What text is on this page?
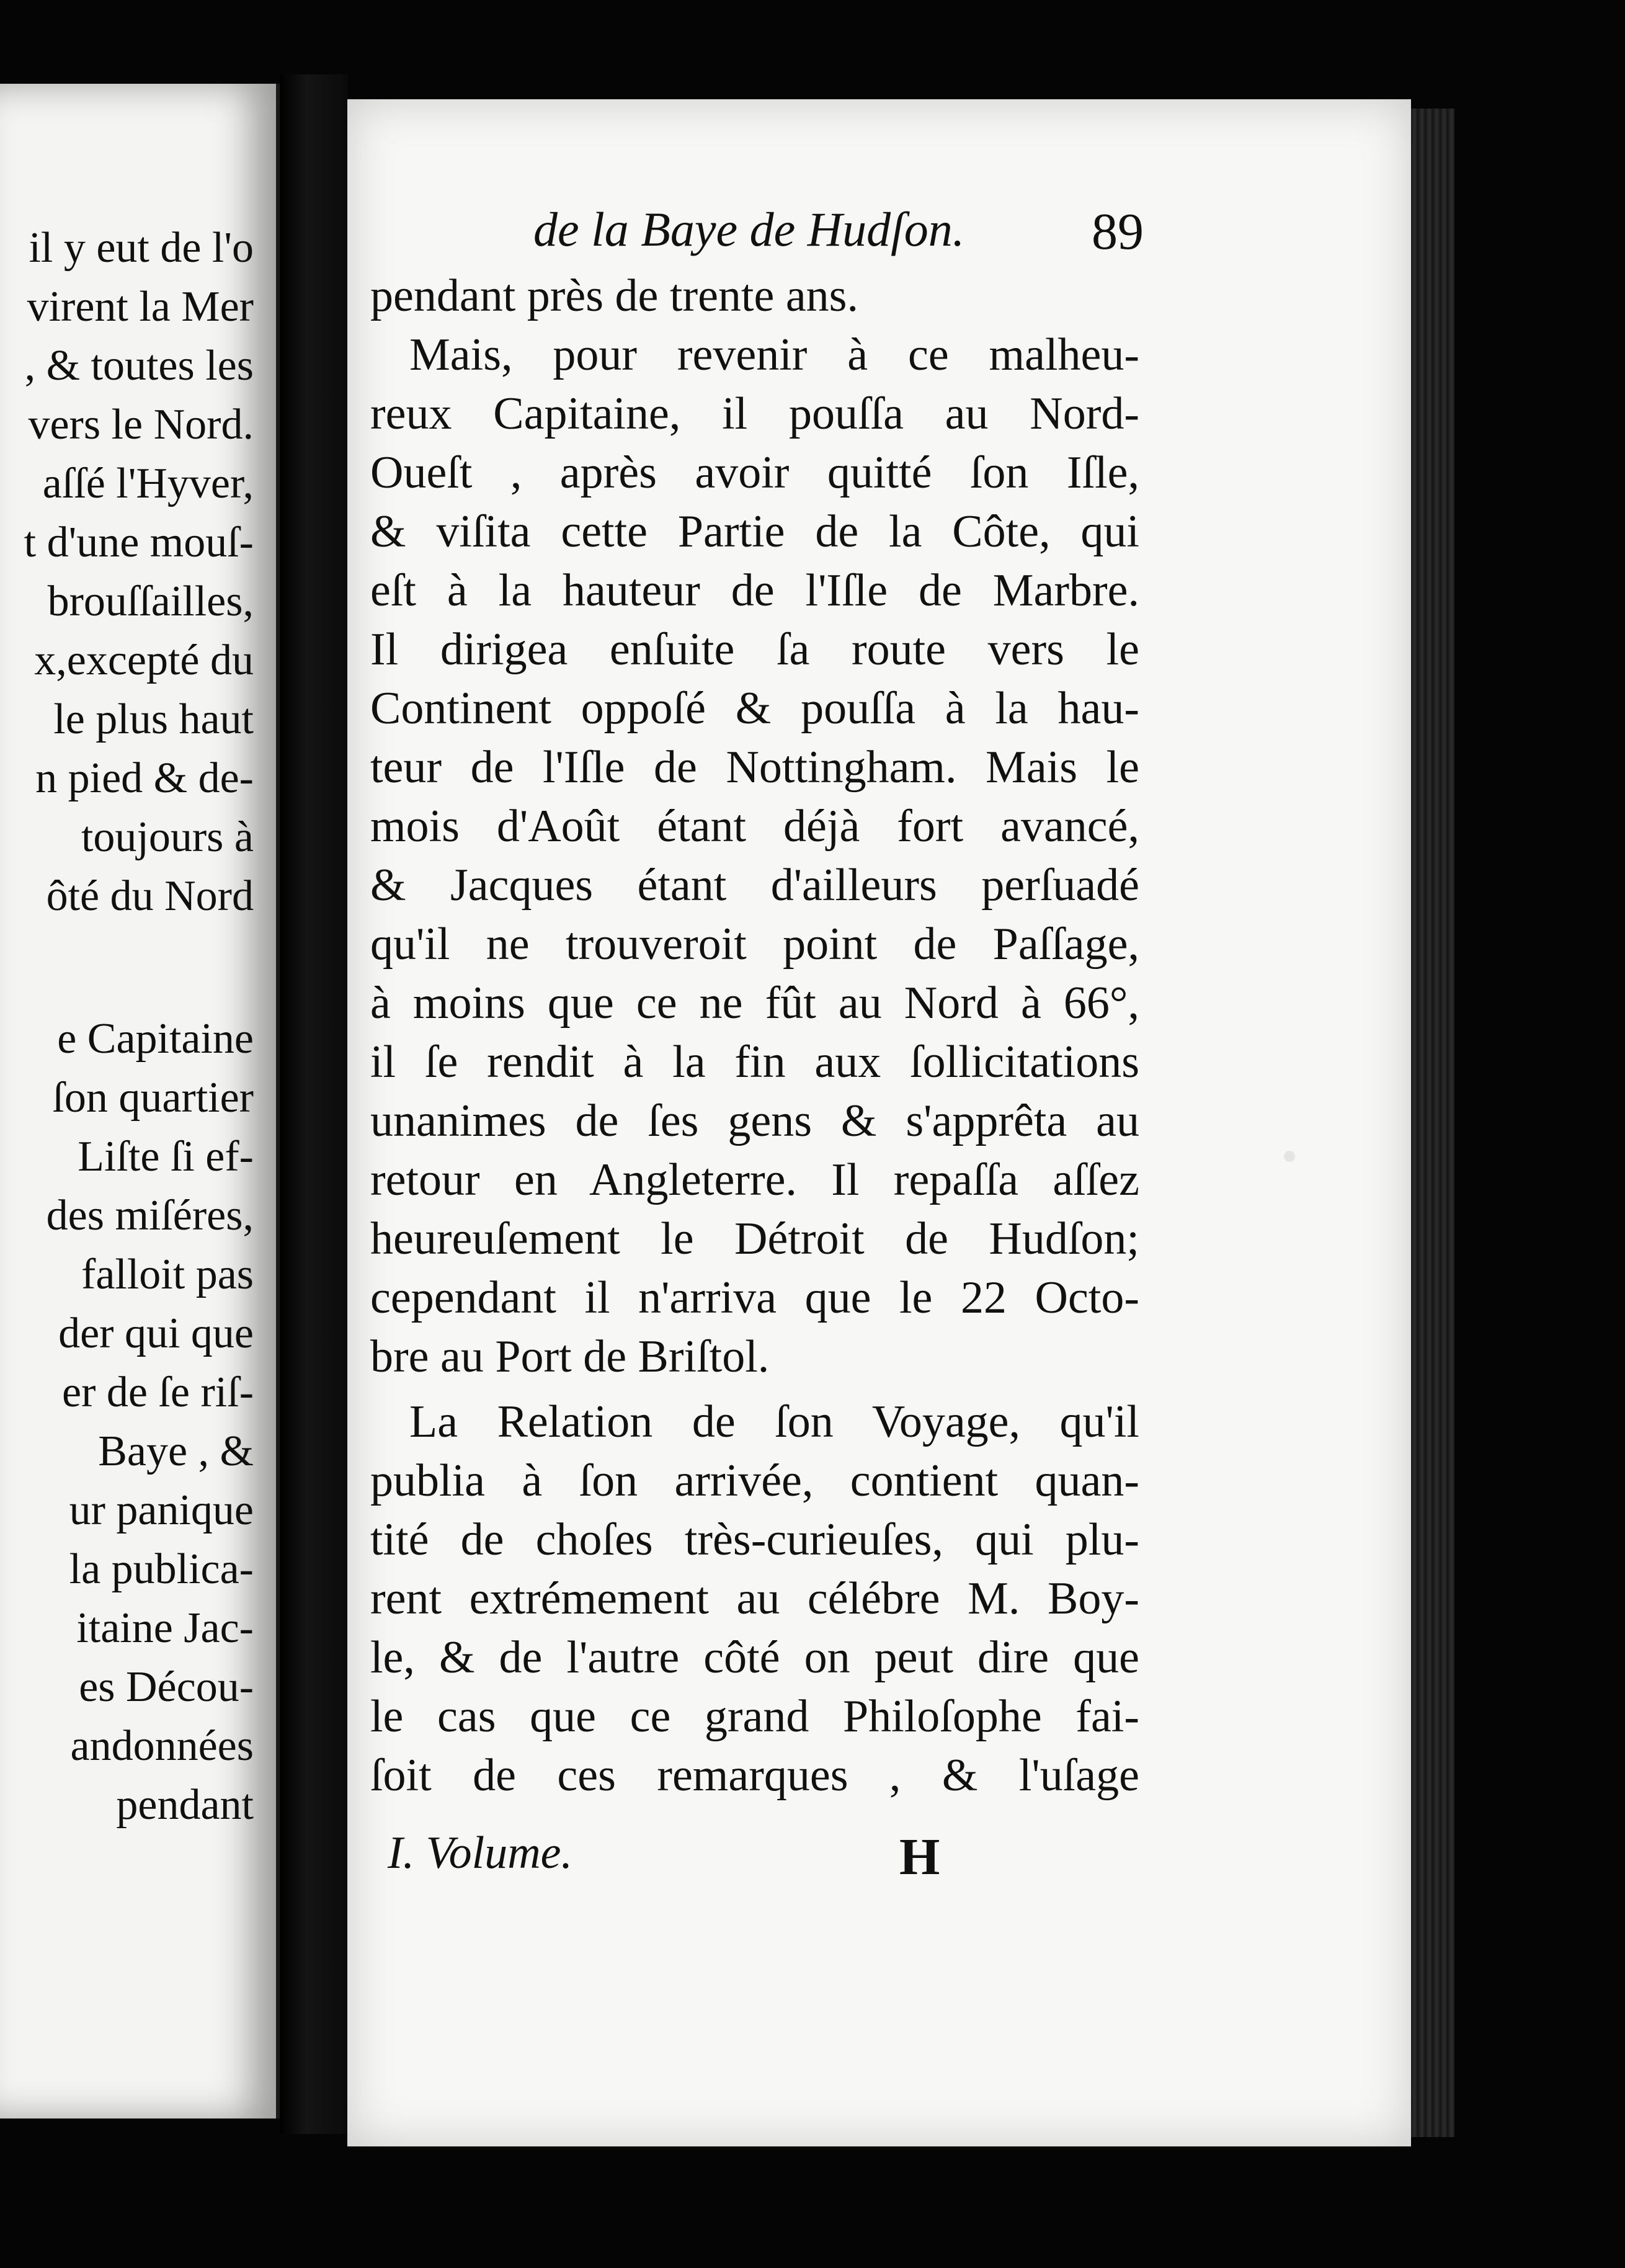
il y eut de l'o
virent la Mer
, & toutes les
vers le Nord.
aſſé l'Hyver,
t d'une mouſ-
brouſſailles,
x,excepté du
le plus haut
n pied & de-
toujours à
ôté du Nord
e Capitaine
ſon quartier
Liſte ſi ef-
des miſéres,
falloit pas
der qui que
er de ſe riſ-
Baye , &
ur panique
la publica-
itaine Jac-
es Décou-
andonnées
pendant
de la Baye de Hudſon. 89
pendant près de trente ans.
Mais, pour revenir à ce malheu-
reux Capitaine, il pouſſa au Nord-
Oueſt , après avoir quitté ſon Iſle,
& viſita cette Partie de la Côte, qui
eſt à la hauteur de l'Iſle de Marbre.
Il dirigea enſuite ſa route vers le
Continent oppoſé & pouſſa à la hau-
teur de l'Iſle de Nottingham. Mais le
mois d'Août étant déjà fort avancé,
& Jacques étant d'ailleurs perſuadé
qu'il ne trouveroit point de Paſſage,
à moins que ce ne fût au Nord à 66°,
il ſe rendit à la fin aux ſollicitations
unanimes de ſes gens & s'apprêta au
retour en Angleterre. Il repaſſa aſſez
heureuſement le Détroit de Hudſon;
cependant il n'arriva que le 22 Octo-
bre au Port de Briſtol.
La Relation de ſon Voyage, qu'il
publia à ſon arrivée, contient quan-
tité de choſes très-curieuſes, qui plu-
rent extrémement au célébre M. Boy-
le, & de l'autre côté on peut dire que
le cas que ce grand Philoſophe fai-
ſoit de ces remarques , & l'uſage
I. Volume.	H
